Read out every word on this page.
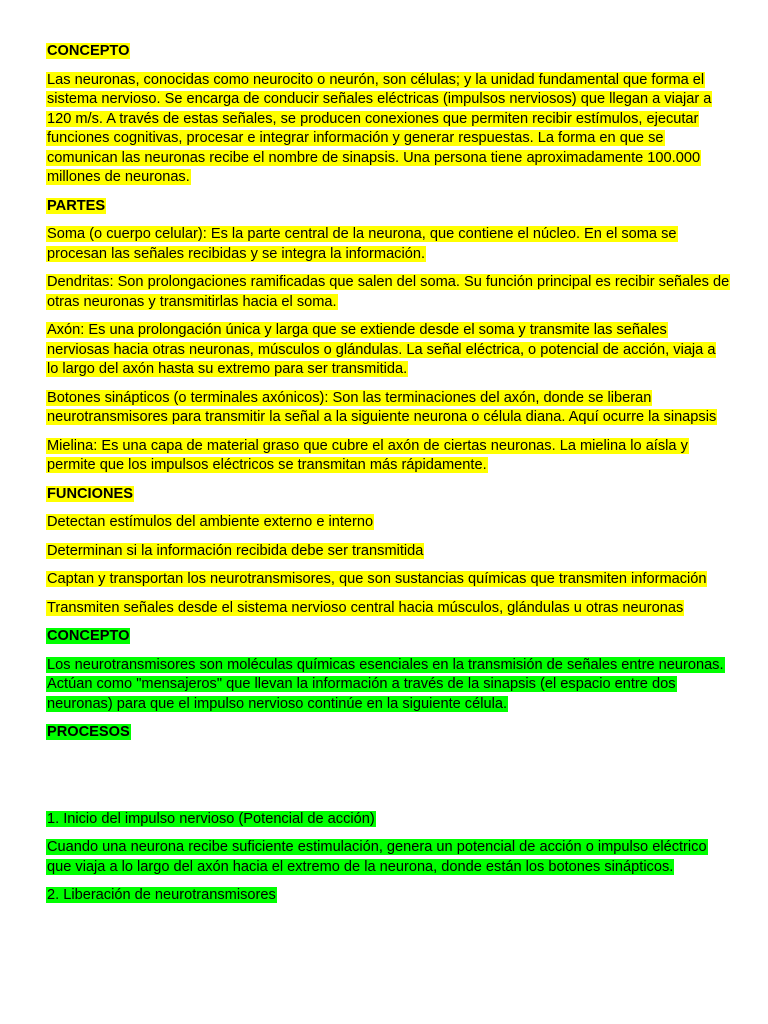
CONCEPTO
Las neuronas, conocidas como neurocito o neurón, son células; y la unidad fundamental que forma el sistema nervioso. Se encarga de conducir señales eléctricas (impulsos nerviosos) que llegan a viajar a 120 m/s. A través de estas señales, se producen conexiones que permiten recibir estímulos, ejecutar funciones cognitivas, procesar e integrar información y generar respuestas. La forma en que se comunican las neuronas recibe el nombre de sinapsis. Una persona tiene aproximadamente 100.000 millones de neuronas.
PARTES
Soma (o cuerpo celular): Es la parte central de la neurona, que contiene el núcleo. En el soma se procesan las señales recibidas y se integra la información.
Dendritas: Son prolongaciones ramificadas que salen del soma. Su función principal es recibir señales de otras neuronas y transmitirlas hacia el soma.
Axón: Es una prolongación única y larga que se extiende desde el soma y transmite las señales nerviosas hacia otras neuronas, músculos o glándulas. La señal eléctrica, o potencial de acción, viaja a lo largo del axón hasta su extremo para ser transmitida.
Botones sinápticos (o terminales axónicos): Son las terminaciones del axón, donde se liberan neurotransmisores para transmitir la señal a la siguiente neurona o célula diana. Aquí ocurre la sinapsis
Mielina: Es una capa de material graso que cubre el axón de ciertas neuronas. La mielina lo aísla y permite que los impulsos eléctricos se transmitan más rápidamente.
FUNCIONES
Detectan estímulos del ambiente externo e interno
Determinan si la información recibida debe ser transmitida
Captan y transportan los neurotransmisores, que son sustancias químicas que transmiten información
Transmiten señales desde el sistema nervioso central hacia músculos, glándulas u otras neuronas
CONCEPTO
Los neurotransmisores son moléculas químicas esenciales en la transmisión de señales entre neuronas. Actúan como "mensajeros" que llevan la información a través de la sinapsis (el espacio entre dos neuronas) para que el impulso nervioso continúe en la siguiente célula.
PROCESOS
1. Inicio del impulso nervioso (Potencial de acción)
Cuando una neurona recibe suficiente estimulación, genera un potencial de acción o impulso eléctrico que viaja a lo largo del axón hacia el extremo de la neurona, donde están los botones sinápticos.
2. Liberación de neurotransmisores
